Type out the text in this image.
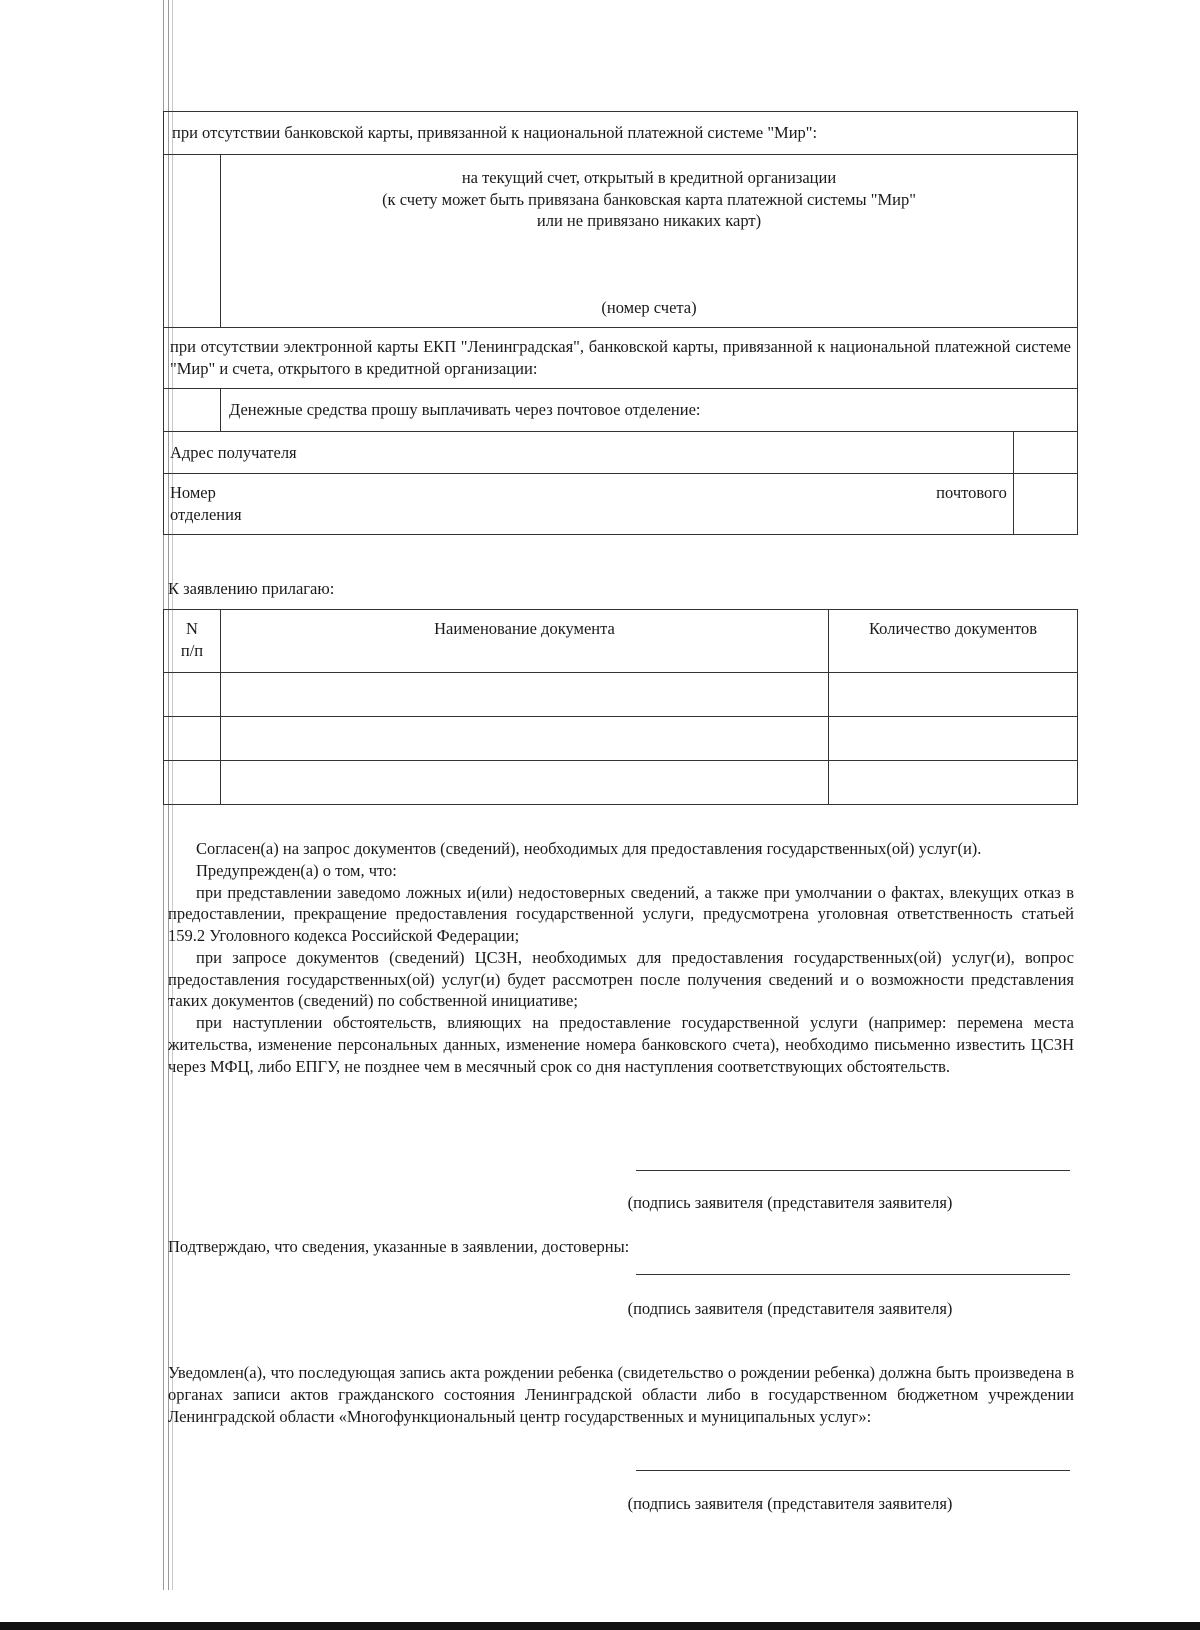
при отсутствии банковской карты, привязанной к национальной платежной системе "Мир":		

	на текущий счет, открытый в кредитной организации
(к счету может быть привязана банковская карта платежной системы "Мир"
или не привязано никаких карт)
(номер счета)	

при отсутствии электронной карты ЕКП "Ленинградская", банковской карты, привязанной к национальной платежной системе "Мир" и счета, открытого в кредитной организации:		
	Денежные средства прошу выплачивать через почтовое отделение:	
Адрес получателя		

Номер почтового
отделения		

К заявлению прилагаю:
N
п/п	Наименование документа	Количество документов

Согласен(а) на запрос документов (сведений), необходимых для предоставления государственных(ой) услуг(и).

Предупрежден(а) о том, что:

при представлении заведомо ложных и(или) недостоверных сведений, а также при умолчании о фактах, влекущих отказ в предоставлении, прекращение предоставления государственной услуги, предусмотрена уголовная ответственность статьей 159.2 Уголовного кодекса Российской Федерации;

при запросе документов (сведений) ЦСЗН, необходимых для предоставления государственных(ой) услуг(и), вопрос предоставления государственных(ой) услуг(и) будет рассмотрен после получения сведений и о возможности представления таких документов (сведений) по собственной инициативе;

при наступлении обстоятельств, влияющих на предоставление государственной услуги (например: перемена места жительства, изменение персональных данных, изменение номера банковского счета), необходимо письменно известить ЦСЗН через МФЦ, либо ЕПГУ, не позднее чем в месячный срок со дня наступления соответствующих обстоятельств.

(подпись заявителя (представителя заявителя)
Подтверждаю, что сведения, указанные в заявлении, достоверны:
(подпись заявителя (представителя заявителя)
Уведомлен(а), что последующая запись акта рождении ребенка (свидетельство о рождении ребенка) должна быть произведена в органах записи актов гражданского состояния Ленинградской области либо в государственном бюджетном учреждении Ленинградской области «Многофункциональный центр государственных и муниципальных услуг»:
(подпись заявителя (представителя заявителя)
